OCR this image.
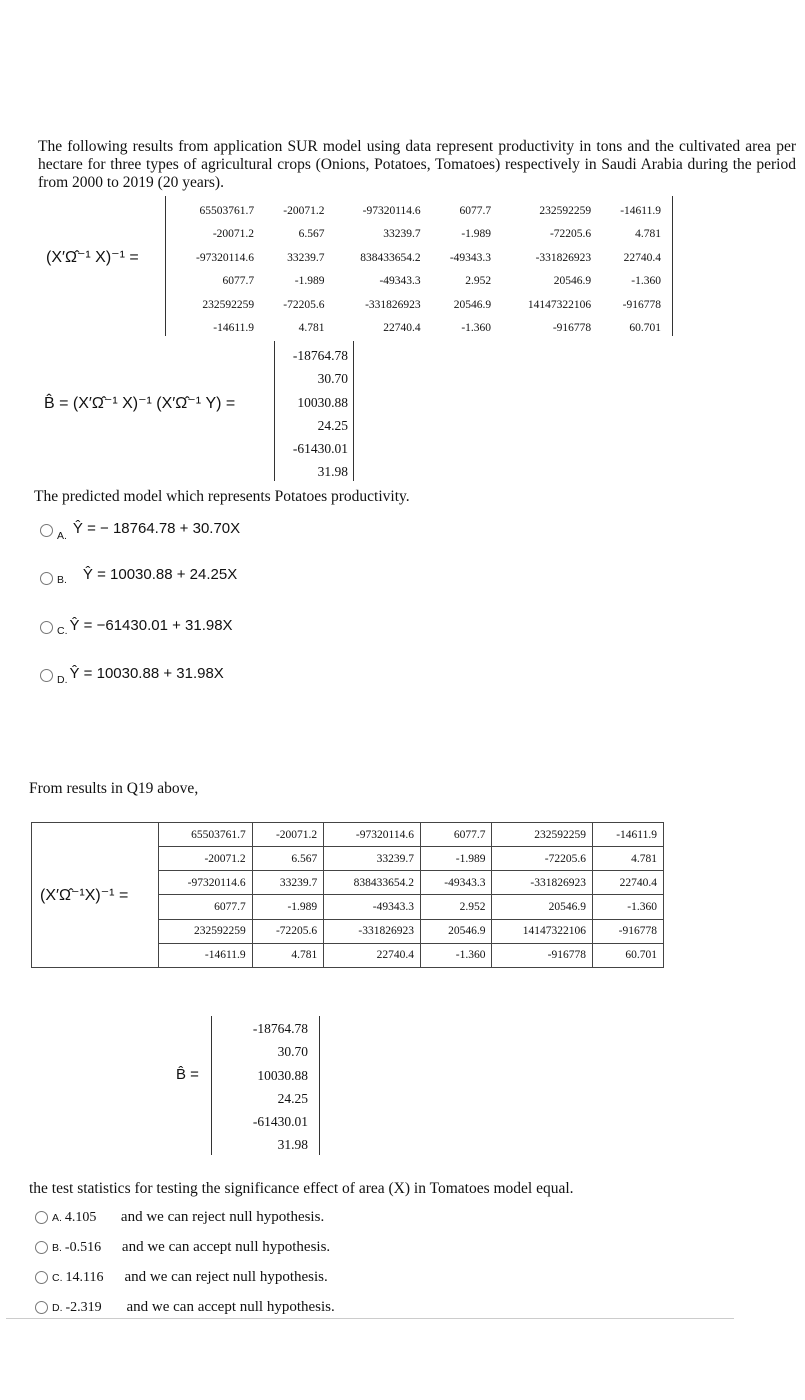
The following results from application SUR model using data represent productivity in tons and the cultivated area per hectare for three types of agricultural crops (Onions, Potatoes, Tomatoes) respectively in Saudi Arabia during the period from 2000 to 2019 (20 years).
(X′Ω̂⁻¹ X)⁻¹ =
65503761.7	-20071.2	-97320114.6	6077.7	232592259	-14611.9
-20071.2	6.567	33239.7	-1.989	-72205.6	4.781
-97320114.6	33239.7	838433654.2	-49343.3	-331826923	22740.4
6077.7	-1.989	-49343.3	2.952	20546.9	-1.360
232592259	-72205.6	-331826923	20546.9	14147322106	-916778
-14611.9	4.781	22740.4	-1.360	-916778	60.701
B̂ = (X′Ω̂⁻¹ X)⁻¹ (X′Ω̂⁻¹ Y) =
-18764.78
30.70
10030.88
24.25
-61430.01
31.98
The predicted model which represents Potatoes productivity.
A. Ŷ = − 18764.78 + 30.70X
B. Ŷ = 10030.88 + 24.25X
C. Ŷ = −61430.01 + 31.98X
D. Ŷ = 10030.88 + 31.98X
From results in Q19 above,
(X′Ω̂⁻¹X)⁻¹ =	65503761.7	-20071.2	-97320114.6	6077.7	232592259	-14611.9
	-20071.2	6.567	33239.7	-1.989	-72205.6	4.781
	-97320114.6	33239.7	838433654.2	-49343.3	-331826923	22740.4
	6077.7	-1.989	-49343.3	2.952	20546.9	-1.360
	232592259	-72205.6	-331826923	20546.9	14147322106	-916778
	-14611.9	4.781	22740.4	-1.360	-916778	60.701
B̂ =
-18764.78
30.70
10030.88
24.25
-61430.01
31.98
the test statistics for testing the significance effect of area (X) in Tomatoes model equal.
A. 4.105	and we can reject null hypothesis.
B. -0.516	and we can accept null hypothesis.
C. 14.116	and we can reject null hypothesis.
D. -2.319	and we can accept null hypothesis.
